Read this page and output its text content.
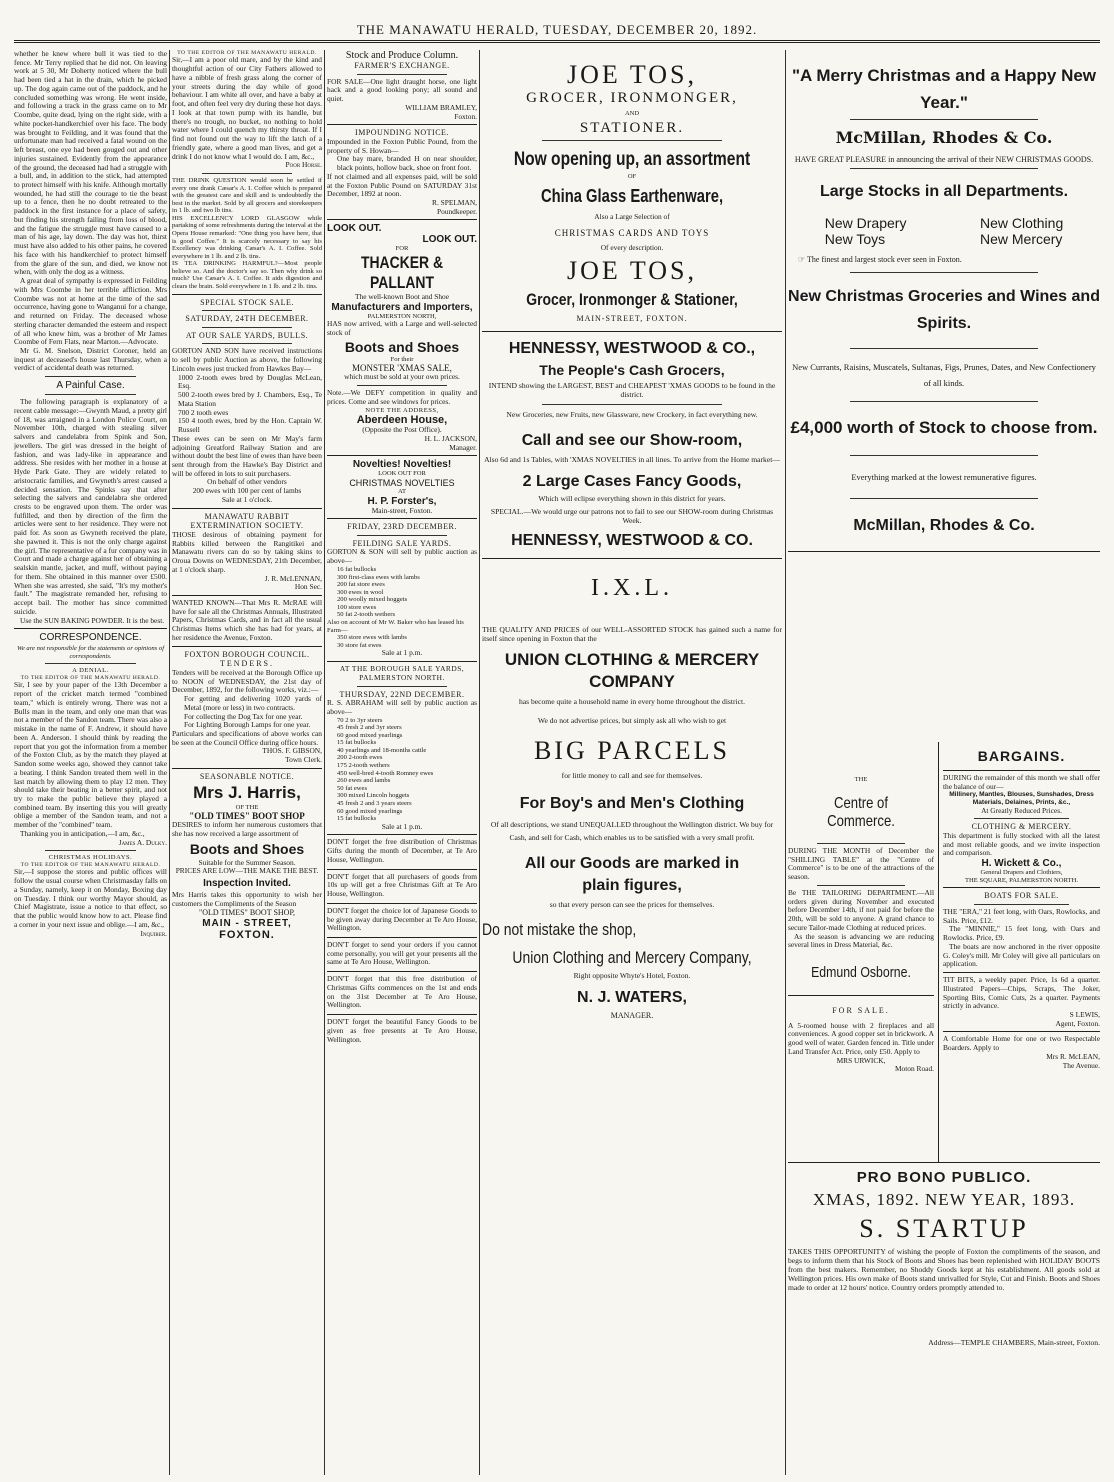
THE MANAWATU HERALD, TUESDAY, DECEMBER 20, 1892.

whether he knew where bull it was tied to the fence. Mr Terry replied that he did not. On leaving work at 5 30, Mr Doherty noticed where the bull had been tied a hat in the drain, which he picked up. The dog again came out of the paddock, and he concluded something was wrong. He went inside, and following a track in the grass came on to Mr Coombe, quite dead, lying on the right side, with a white pocket-handkerchief over his face. The body was brought to Feilding, and it was found that the unfortunate man had received a fatal wound on the left breast, one eye had been gouged out and other injuries sustained. Evidently from the appearance of the ground, the deceased had had a struggle with a bull, and, in addition to the stick, had attempted to protect himself with his knife. Although mortally wounded, he had still the courage to tie the beast up to a fence, then he no doubt retreated to the paddock in the first instance for a place of safety, but finding his strength failing from loss of blood, and the fatigue the struggle must have caused to a man of his age, lay down. The day was hot, thirst must have also added to his other pains, he covered his face with his handkerchief to protect himself from the glare of the sun, and died, we know not when, with only the dog as a witness.

A great deal of sympathy is expressed in Feilding with Mrs Coombe in her terrible affliction. Mrs Coombe was not at home at the time of the sad occurrence, having gone to Wanganui for a change, and returned on Friday. The deceased whose sterling character demanded the esteem and respect of all who knew him, was a brother of Mr James Coombe of Fern Flats, near Marton.—Advocate.

Mr G. M. Snelson, District Coroner, held an inquest at deceased's house last Thursday, when a verdict of accidental death was returned.

A Painful Case.

The following paragraph is explanatory of a recent cable message:—Gwynth Maud, a pretty girl of 18, was arraigned in a London Police Court, on November 10th, charged with stealing silver salvers and candelabra from Spink and Son, jewellers. The girl was dressed in the height of fashion, and was lady-like in appearance and address. She resides with her mother in a house at Hyde Park Gate. They are widely related to aristocratic families, and Gwyneth's arrest caused a decided sensation. The Spinks say that after selecting the salvers and candelabra she ordered crests to be engraved upon them. The order was fulfilled, and then by direction of the firm the articles were sent to her residence. They were not paid for. As soon as Gwyneth received the plate, she pawned it. This is not the only charge against the girl. The representative of a fur company was in Court and made a charge against her of obtaining a sealskin mantle, jacket, and muff, without paying for them. She obtained in this manner over £500. When she was arrested, she said, "It's my mother's fault." The magistrate remanded her, refusing to accept bail. The mother has since committed suicide.

Use the SUN BAKING POWDER. It is the best.

CORRESPONDENCE.

We are not responsible for the statements or opinions of correspondents.

A DENIAL.

TO THE EDITOR OF THE MANAWATU HERALD.

Sir, I see by your paper of the 13th December a report of the cricket match termed "combined team," which is entirely wrong. There was not a Bulls man in the team, and only one man that was not a member of the Sandon team. There was also a mistake in the name of F. Andrew, it should have been A. Anderson. I should think by reading the report that you got the information from a member of the Foxton Club, as by the match they played at Sandon some weeks ago, showed they cannot take a beating. I think Sandon treated them well in the last match by allowing them to play 12 men. They should take their beating in a better spirit, and not try to make the public believe they played a combined team. By inserting this you will greatly oblige a member of the Sandon team, and not a member of the "combined" team.

Thanking you in anticipation,—I am, &c.,

James A. Dulky.

CHRISTMAS HOLIDAYS.

TO THE EDITOR OF THE MANAWATU HERALD.

Sir,—I suppose the stores and public offices will follow the usual course when Christmasday falls on a Sunday, namely, keep it on Monday, Boxing day on Tuesday. I think our worthy Mayor should, as Chief Magistrate, issue a notice to that effect, so that the public would know how to act. Please find a corner in your next issue and oblige.—I am, &c.,

Inquirer.

TO THE EDITOR OF THE MANAWATU HERALD.

Sir,—I am a poor old mare, and by the kind and thoughtful action of our City Fathers allowed to have a nibble of fresh grass along the corner of your streets during the day while of good behaviour. I am white all over, and have a baby at foot, and often feel very dry during these hot days. I look at that town pump with its handle, but there's no trough, no bucket, no nothing to hold water where I could quench my thirsty throat. If I find not found out the way to lift the latch of a friendly gate, where a good man lives, and get a drink I do not know what I would do. I am, &c.,

Poor Horse.

THE DRINK QUESTION would soon be settled if every one drank Cæsar's A. I. Coffee which is prepared with the greatest care and skill and is undoubtedly the best in the market. Sold by all grocers and storekeepers in 1 lb. and two lb tins.

HIS EXCELLENCY LORD GLASGOW while partaking of some refreshments during the interval at the Opera House remarked: "One thing you have here, that is good Coffee." It is scarcely necessary to say his Excellency was drinking Cæsar's A. I. Coffee. Sold everywhere in 1 lb. and 2 lb. tins.

IS TEA DRINKING HARMFUL?—Most people believe so. And the doctor's say so. Then why drink so much? Use Cæsar's A. I. Coffee. It aids digestion and clears the brain. Sold everywhere in 1 lb. and 2 lb. tins.

SPECIAL STOCK SALE.

SATURDAY, 24TH DECEMBER.

AT OUR SALE YARDS, BULLS.

GORTON AND SON have received instructions to sell by public Auction as above, the following Lincoln ewes just trucked from Hawkes Bay—

1000 2-tooth ewes bred by Douglas McLean, Esq.

500 2-tooth ewes bred by J. Chambers, Esq., Te Mata Station

700 2 tooth ewes

150 4 tooth ewes, bred by the Hon. Captain W. Russell

These ewes can be seen on Mr May's farm adjoining Greatford Railway Station and are without doubt the best line of ewes than have been sent through from the Hawke's Bay District and will be offered in lots to suit purchasers.

On behalf of other vendors

200 ewes with 100 per cent of lambs

Sale at 1 o'clock.

MANAWATU RABBIT EXTERMINATION SOCIETY.

THOSE desirous of obtaining payment for Rabbits killed between the Rangitikei and Manawatu rivers can do so by taking skins to Oroua Downs on WEDNESDAY, 21th December, at 1 o'clock sharp.

J. R. McLENNAN,

Hon Sec.

WANTED KNOWN—That Mrs R. McRAE will have for sale all the Christmas Annuals, Illustrated Papers, Christmas Cards, and in fact all the usual Christmas Items which she has had for years, at her residence the Avenue, Foxton.

FOXTON BOROUGH COUNCIL.

TENDERS.

Tenders will be received at the Borough Office up to NOON of WEDNESDAY, the 21st day of December, 1892, for the following works, viz.:—

For getting and delivering 1020 yards of Metal (more or less) in two contracts.

For collecting the Dog Tax for one year.

For Lighting Borough Lamps for one year.

Particulars and specifications of above works can be seen at the Council Office during office hours.

THOS. F. GIBSON,

Town Clerk.

SEASONABLE NOTICE.

Mrs J. Harris,

OF THE

"OLD TIMES" BOOT SHOP

DESIRES to inform her numerous customers that she has now received a large assortment of

Boots and Shoes

Suitable for the Summer Season.

PRICES ARE LOW—THE MAKE THE BEST.

Inspection Invited.

Mrs Harris takes this opportunity to wish her customers the Compliments of the Season

"OLD TIMES" BOOT SHOP,

MAIN - STREET,

FOXTON.

Stock and Produce Column.

FARMER'S EXCHANGE.

FOR SALE—One light draught horse, one light hack and a good looking pony; all sound and quiet.

WILLIAM BRAMLEY,

Foxton.

IMPOUNDING NOTICE.

Impounded in the Foxton Public Pound, from the property of S. Howan—

One bay mare, branded H on near shoulder, black points, hollow back, shoe on front foot.

If not claimed and all expenses paid, will be sold at the Foxton Public Pound on SATURDAY 31st December, 1892 at noon.

R. SPELMAN,

Poundkeeper.

LOOK OUT.

LOOK OUT.

FOR

THACKER & PALLANT

The well-known Boot and Shoe

Manufacturers and Importers,

PALMERSTON NORTH,

HAS now arrived, with a Large and well-selected stock of

Boots and Shoes

For their

MONSTER 'XMAS SALE,

which must be sold at your own prices.

Note.—We DEFY competition in quality and prices. Come and see windows for prices.

NOTE THE ADDRESS,

Aberdeen House,

(Opposite the Post Office).

H. L. JACKSON,

Manager.

Novelties! Novelties!

LOOK OUT FOR

CHRISTMAS NOVELTIES

AT

H. P. Forster's,

Main-street, Foxton.

FRIDAY, 23RD DECEMBER.

FEILDING SALE YARDS.

GORTON & SON will sell by public auction as above—

16 fat bullocks

300 first-class ewes with lambs

200 fat store ewes

300 ewes in wool

200 woolly mixed hoggets

100 store ewes

50 fat 2-tooth wethers

Also on account of Mr W. Baker who has leased his Farm—

350 store ewes with lambs

30 store fat ewes

Sale at 1 p.m.

AT THE BOROUGH SALE YARDS, PALMERSTON NORTH.

THURSDAY, 22ND DECEMBER.

R. S. ABRAHAM will sell by public auction as above—

70 2 to 3yr steers

45 fresh 2 and 3yr steers

60 good mixed yearlings

15 fat bullocks

40 yearlings and 18-months cattle

200 2-tooth ewes

175 2-tooth wethers

450 well-bred 4-tooth Romney ewes

260 ewes and lambs

50 fat ewes

300 mixed Lincoln hoggets

45 fresh 2 and 3 years steers

60 good mixed yearlings

15 fat bullocks

Sale at 1 p.m.

DON'T forget the free distribution of Christmas Gifts during the month of December, at Te Aro House, Wellington.

DON'T forget that all purchasers of goods from 10s up will get a free Christmas Gift at Te Aro House, Wellington.

DON'T forget the choice lot of Japanese Goods to be given away during December at Te Aro House, Wellington.

DON'T forget to send your orders if you cannot come personally, you will get your presents all the same at Te Aro House, Wellington.

DON'T forget that this free distribution of Christmas Gifts commences on the 1st and ends on the 31st December at Te Aro House, Wellington.

DON'T forget the beautiful Fancy Goods to be given as free presents at Te Aro House, Wellington.

JOE TOS,

GROCER, IRONMONGER,

AND

STATIONER.

Now opening up, an assortment

OF

China Glass Earthenware,

Also a Large Selection of

CHRISTMAS CARDS AND TOYS

Of every description.

JOE TOS,

Grocer, Ironmonger & Stationer,

MAIN-STREET, FOXTON.

HENNESSY, WESTWOOD & CO.,

The People's Cash Grocers,

INTEND showing the LARGEST, BEST and CHEAPEST 'XMAS GOODS to be found in the district.

New Groceries, new Fruits, new Glassware, new Crockery, in fact everything new.

Call and see our Show-room,

Also 6d and 1s Tables, with 'XMAS NOVELTIES in all lines. To arrive from the Home market—

2 Large Cases Fancy Goods,

Which will eclipse everything shown in this district for years.

SPECIAL.—We would urge our patrons not to fail to see our SHOW-room during Christmas Week.

HENNESSY, WESTWOOD & CO.

I.X.L.

THE QUALITY AND PRICES of our WELL-ASSORTED STOCK has gained such a name for itself since opening in Foxton that the

UNION CLOTHING & MERCERY

COMPANY

has become quite a household name in every home throughout the district.

We do not advertise prices, but simply ask all who wish to get

BIG PARCELS

for little money to call and see for themselves.

For Boy's and Men's Clothing

Of all descriptions, we stand UNEQUALLED throughout the Wellington district. We buy for Cash, and sell for Cash, which enables us to be satisfied with a very small profit.

All our Goods are marked in

plain figures,

so that every person can see the prices for themselves.

Do not mistake the shop,

Union Clothing and Mercery Company,

Right opposite Whyte's Hotel, Foxton.

N. J. WATERS,

MANAGER.

"A Merry Christmas and a Happy New Year."

McMillan, Rhodes & Co.

HAVE GREAT PLEASURE in announcing the arrival of their NEW CHRISTMAS GOODS.

Large Stocks in all Departments.

New Drapery

New Toys

New Clothing

New Mercery

☞ The finest and largest stock ever seen in Foxton.

New Christmas Groceries and Wines and Spirits.

New Currants, Raisins, Muscatels, Sultanas, Figs, Prunes, Dates, and New Confectionery of all kinds.

£4,000 worth of Stock to choose from.

Everything marked at the lowest remunerative figures.

McMillan, Rhodes & Co.

THE

Centre of Commerce.

DURING THE MONTH of December the "SHILLING TABLE" at the "Centre of Commerce" is to be one of the attractions of the season.

Be THE TAILORING DEPARTMENT.—All orders given during November and executed before December 14th, if not paid for before the 20th, will be sold to anyone. A grand chance to secure Tailor-made Clothing at reduced prices.

As the season is advancing we are reducing several lines in Dress Material, &c.

Edmund Osborne.

FOR SALE.

A 5-roomed house with 2 fireplaces and all conveniences. A good copper set in brickwork. A good well of water. Garden fenced in. Title under Land Transfer Act. Price, only £50. Apply to

MRS URWICK,

Moton Road.

BARGAINS.

DURING the remainder of this month we shall offer the balance of our—

Millinery, Mantles, Blouses, Sunshades, Dress Materials, Delaines, Prints, &c.,

At Greatly Reduced Prices.

CLOTHING & MERCERY.

This department is fully stocked with all the latest and most reliable goods, and we invite inspection and comparison.

H. Wickett & Co.,

General Drapers and Clothiers,

THE SQUARE, PALMERSTON NORTH.

BOATS FOR SALE.

THE "ERA," 21 feet long, with Oars, Rowlocks, and Sails. Price, £12.

The "MINNIE," 15 feet long, with Oars and Rowlocks. Price, £9.

The boats are now anchored in the river opposite G. Coley's mill. Mr Coley will give all particulars on application.

TIT BITS, a weekly paper. Price, 1s 6d a quarter. Illustrated Papers—Chips, Scraps, The Joker, Sporting Bits, Comic Cuts, 2s a quarter. Payments strictly in advance.

S LEWIS,

Agent, Foxton.

A Comfortable Home for one or two Respectable Boarders. Apply to

Mrs R. McLEAN,

The Avenue.

PRO BONO PUBLICO.

XMAS, 1892. NEW YEAR, 1893.

S. STARTUP

TAKES THIS OPPORTUNITY of wishing the people of Foxton the compliments of the season, and begs to inform them that his Stock of Boots and Shoes has been replenished with HOLIDAY BOOTS from the best makers. Remember, no Shoddy Goods kept at his establishment. All goods sold at Wellington prices. His own make of Boots stand unrivalled for Style, Cut and Finish. Boots and Shoes made to order at 12 hours' notice. Country orders promptly attended to.

Address—TEMPLE CHAMBERS, Main-street, Foxton.
